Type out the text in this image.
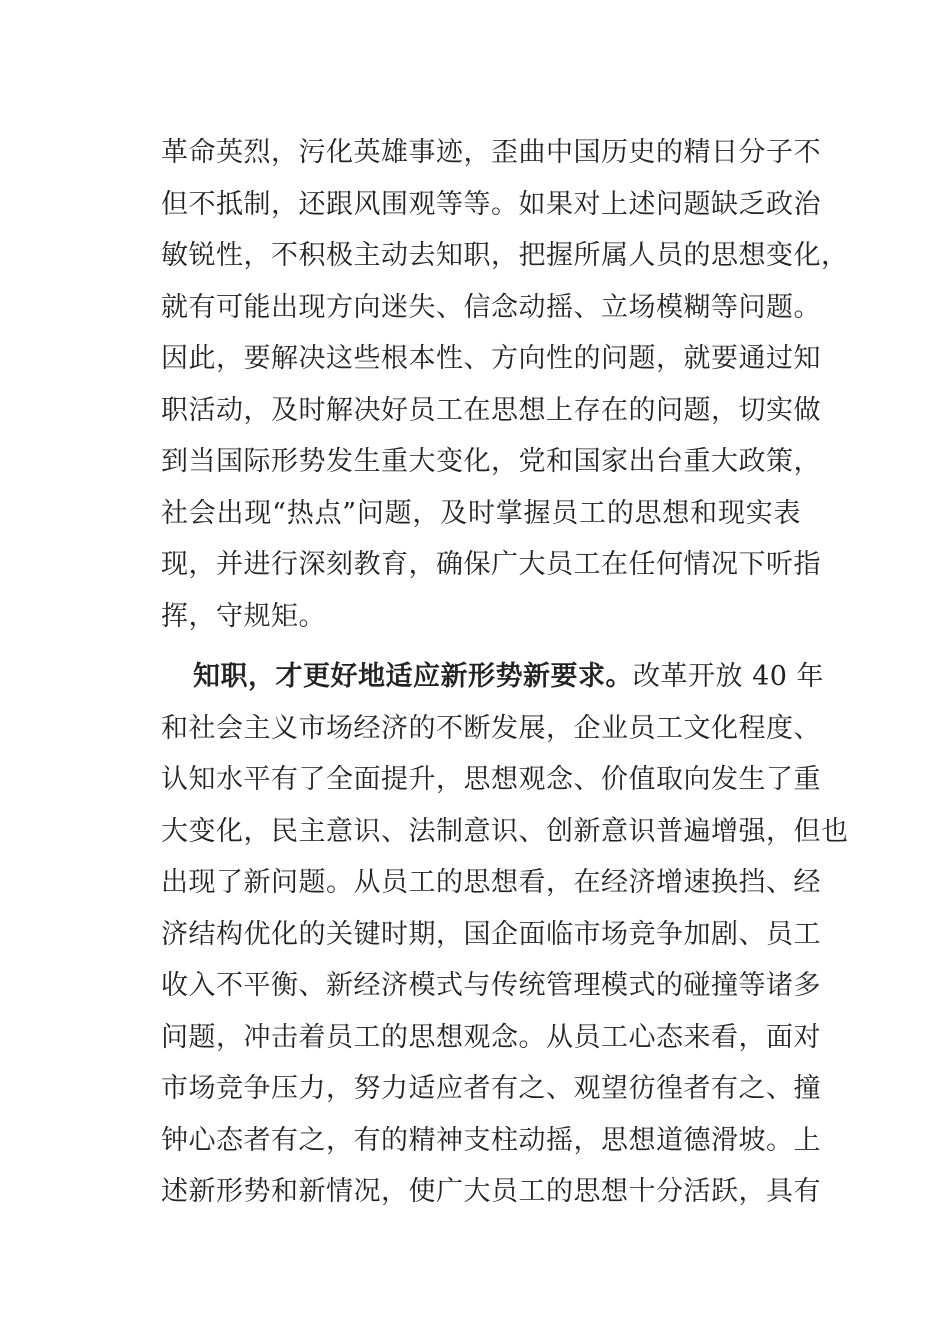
革命英烈，污化英雄事迹，歪曲中国历史的精日分子不
但不抵制，还跟风围观等等。如果对上述问题缺乏政治
敏锐性，不积极主动去知职，把握所属人员的思想变化，
就有可能出现方向迷失、信念动摇、立场模糊等问题。
因此，要解决这些根本性、方向性的问题，就要通过知
职活动，及时解决好员工在思想上存在的问题，切实做
到当国际形势发生重大变化，党和国家出台重大政策，
社会出现“热点”问题，及时掌握员工的思想和现实表
现，并进行深刻教育，确保广大员工在任何情况下听指
挥，守规矩。
知职，才更好地适应新形势新要求。改革开放 40 年
和社会主义市场经济的不断发展，企业员工文化程度、
认知水平有了全面提升，思想观念、价值取向发生了重
大变化，民主意识、法制意识、创新意识普遍增强，但也
出现了新问题。从员工的思想看，在经济增速换挡、经
济结构优化的关键时期，国企面临市场竞争加剧、员工
收入不平衡、新经济模式与传统管理模式的碰撞等诸多
问题，冲击着员工的思想观念。从员工心态来看，面对
市场竞争压力，努力适应者有之、观望彷徨者有之、撞
钟心态者有之，有的精神支柱动摇，思想道德滑坡。上
述新形势和新情况，使广大员工的思想十分活跃，具有
